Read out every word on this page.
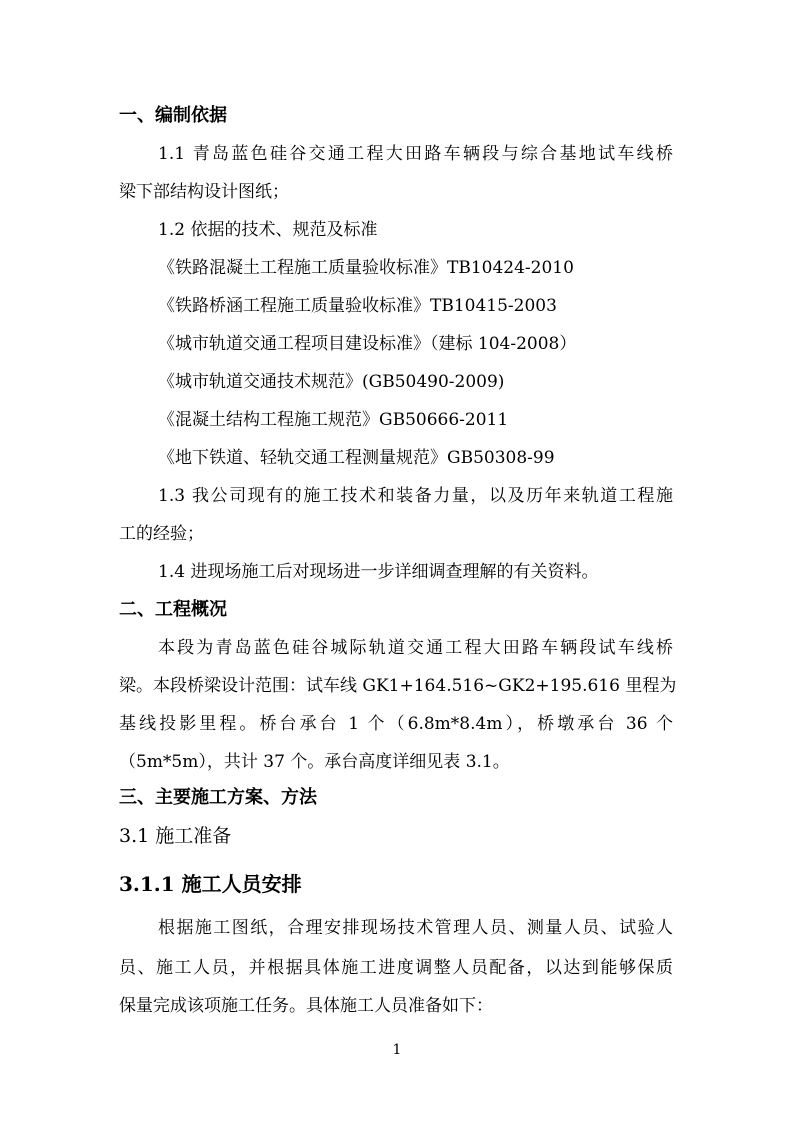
一、编制依据
1.1 青岛蓝色硅谷交通工程大田路车辆段与综合基地试车线桥
梁下部结构设计图纸；
1.2 依据的技术、规范及标准
《铁路混凝土工程施工质量验收标准》TB10424-2010
《铁路桥涵工程施工质量验收标准》TB10415-2003
《城市轨道交通工程项目建设标准》（建标 104-2008）
《城市轨道交通技术规范》(GB50490-2009)
《混凝土结构工程施工规范》GB50666-2011
《地下铁道、轻轨交通工程测量规范》GB50308-99
1.3 我公司现有的施工技术和装备力量，以及历年来轨道工程施
工的经验；
1.4 进现场施工后对现场进一步详细调查理解的有关资料。
二、工程概况
本段为青岛蓝色硅谷城际轨道交通工程大田路车辆段试车线桥
梁。本段桥梁设计范围：试车线 GK1+164.516~GK2+195.616 里程为
基线投影里程。桥台承台 1 个（6.8m*8.4m），桥墩承台 36 个
（5m*5m），共计 37 个。承台高度详细见表 3.1。
三、主要施工方案、方法
3.1 施工准备
3.1.1 施工人员安排
根据施工图纸，合理安排现场技术管理人员、测量人员、试验人
员、施工人员，并根据具体施工进度调整人员配备，以达到能够保质
保量完成该项施工任务。具体施工人员准备如下：
1
